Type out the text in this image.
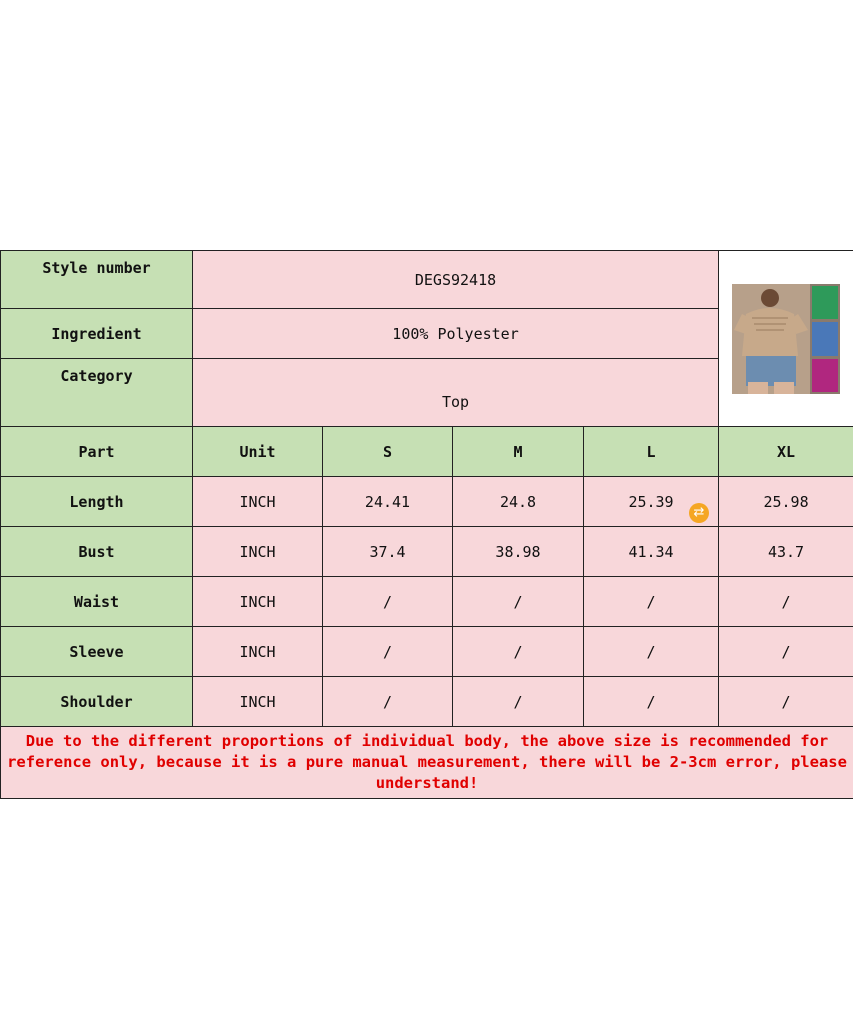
Style number	DEGS92418	

Ingredient	100% Polyester				
Category	Top				
Part	Unit	S	M	L	XL
Length	INCH	24.41	24.8	25.39	25.98
Bust	INCH	37.4	38.98	41.34	43.7
Waist	INCH	/	/	/	/
Sleeve	INCH	/	/	/	/
Shoulder	INCH	/	/	/	/
Due to the different proportions of individual body, the above size is recommended for reference only, because it is a pure manual measurement, there will be 2-3cm error, please understand!					
⇄
